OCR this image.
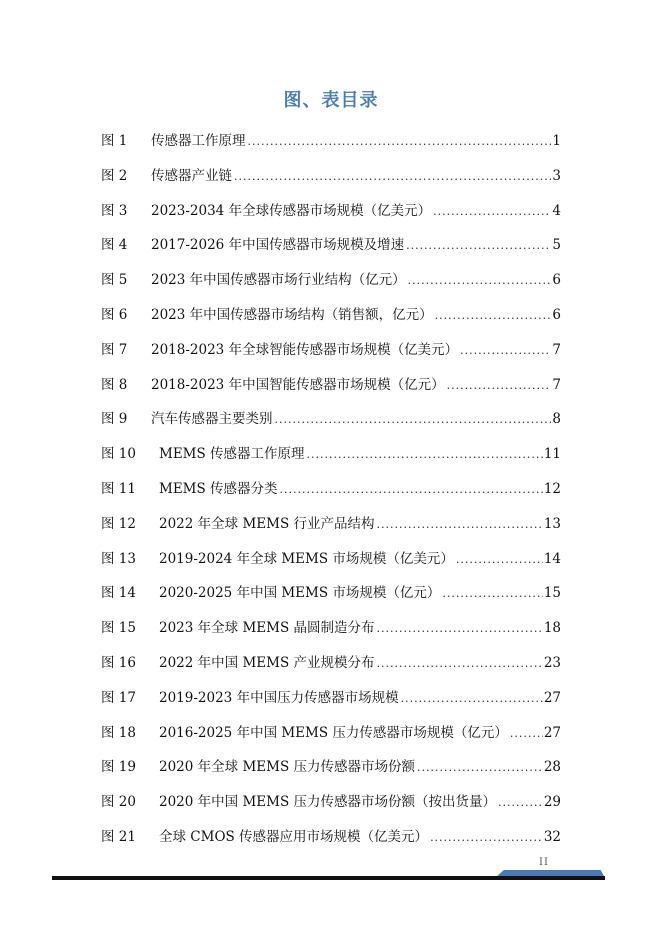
图、表目录
图 1 传感器工作原理 .....	1
图 2 传感器产业链 .....	3
图 3 2023-2034 年全球传感器市场规模（亿美元） .....	4
图 4 2017-2026 年中国传感器市场规模及增速 .....	5
图 5 2023 年中国传感器市场行业结构（亿元） .....	6
图 6 2023 年中国传感器市场结构（销售额，亿元） .....	6
图 7 2018-2023 年全球智能传感器市场规模（亿美元） .....	7
图 8 2018-2023 年中国智能传感器市场规模（亿元） .....	7
图 9 汽车传感器主要类别 .....	8
图 10 MEMS 传感器工作原理 .....	11
图 11 MEMS 传感器分类 .....	12
图 12 2022 年全球 MEMS 行业产品结构 .....	13
图 13 2019-2024 年全球 MEMS 市场规模（亿美元） .....	14
图 14 2020-2025 年中国 MEMS 市场规模（亿元） .....	15
图 15 2023 年全球 MEMS 晶圆制造分布 .....	18
图 16 2022 年中国 MEMS 产业规模分布 .....	23
图 17 2019-2023 年中国压力传感器市场规模 .....	27
图 18 2016-2025 年中国 MEMS 压力传感器市场规模（亿元） .....	27
图 19 2020 年全球 MEMS 压力传感器市场份额 .....	28
图 20 2020 年中国 MEMS 压力传感器市场份额（按出货量） .....	29
图 21 全球 CMOS 传感器应用市场规模（亿美元） .....	32
II
